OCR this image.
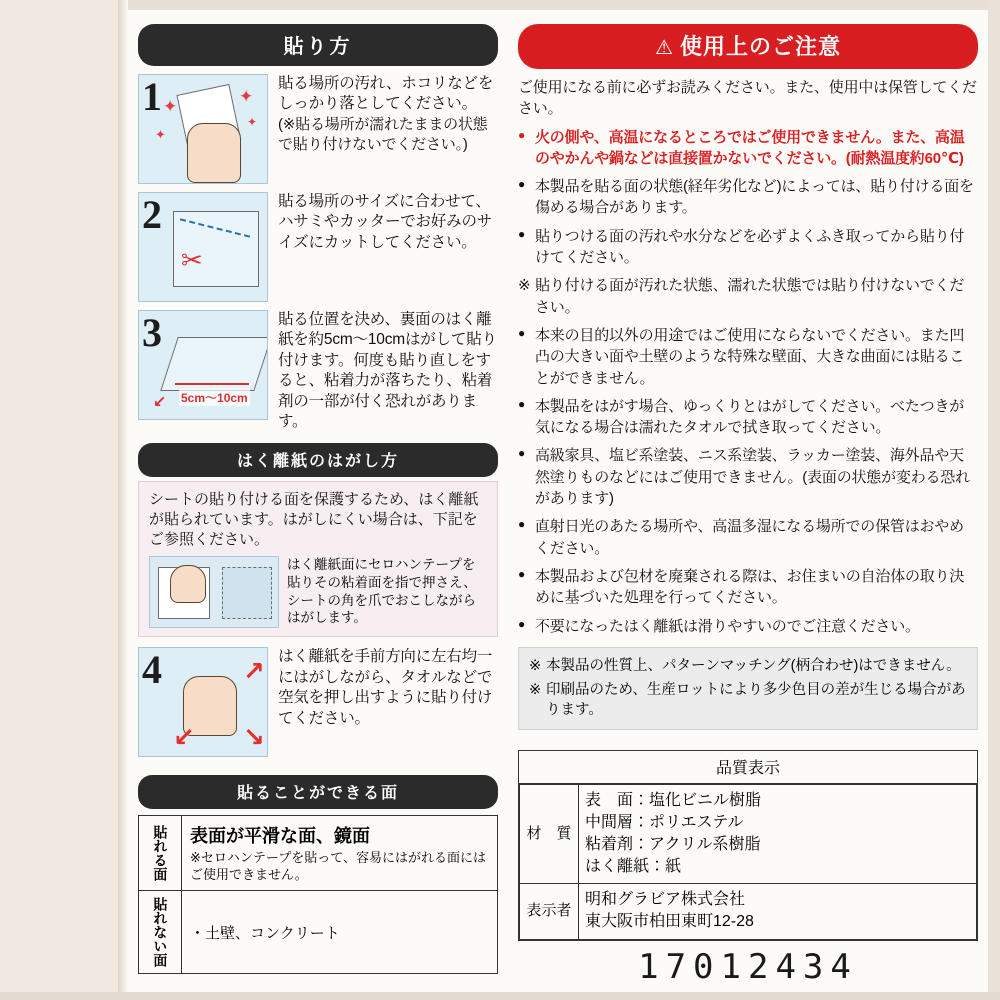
貼り方
1 ✦
✦
✦
✦
貼る場所の汚れ、ホコリなどをしっかり落としてください。 (※貼る場所が濡れたままの状態で貼り付けないでください。)
2
✂
貼る場所のサイズに合わせて、ハサミやカッターでお好みのサイズにカットしてください。
3
5cm～10cm
↙
貼る位置を決め、裏面のはく離紙を約5cm～10cmはがして貼り付けます。何度も貼り直しをすると、粘着力が落ちたり、粘着剤の一部が付く恐れがあります。
はく離紙のはがし方
シートの貼り付ける面を保護するため、はく離紙が貼られています。はがしにくい場合は、下記をご参照ください。
はく離紙面にセロハンテープを貼りその粘着面を指で押さえ、シートの角を爪でおこしながらはがします。
4	↗
↘
↙
はく離紙を手前方向に左右均一にはがしながら、タオルなどで空気を押し出すように貼り付けてください。
貼ることができる面
貼れる面	表面が平滑な面、鏡面
※セロハンテープを貼って、容易にはがれる面にはご使用できません。

貼れない面	・土壁、コンクリート
⚠ 使用上のご注意

ご使用になる前に必ずお読みください。また、使用中は保管してください。

● 火の側や、高温になるところではご使用できません。また、高温のやかんや鍋などは直接置かないでください。(耐熱温度約60℃)

● 本製品を貼る面の状態(経年劣化など)によっては、貼り付ける面を傷める場合があります。

● 貼りつける面の汚れや水分などを必ずよくふき取ってから貼り付けてください。

※ 貼り付ける面が汚れた状態、濡れた状態では貼り付けないでください。

● 本来の目的以外の用途ではご使用にならないでください。また凹凸の大きい面や土壁のような特殊な壁面、大きな曲面には貼ることができません。

● 本製品をはがす場合、ゆっくりとはがしてください。べたつきが気になる場合は濡れたタオルで拭き取ってください。

● 高級家具、塩ビ系塗装、ニス系塗装、ラッカー塗装、海外品や天然塗りものなどにはご使用できません。(表面の状態が変わる恐れがあります)

● 直射日光のあたる場所や、高温多湿になる場所での保管はおやめください。

● 本製品および包材を廃棄される際は、お住まいの自治体の取り決めに基づいた処理を行ってください。

● 不要になったはく離紙は滑りやすいのでご注意ください。

※ 本製品の性質上、パターンマッチング(柄合わせ)はできません。

※ 印刷品のため、生産ロットにより多少色目の差が生じる場合があります。

品質表示
材　質	表　面：塩化ビニル樹脂
中間層：ポリエステル
粘着剤：アクリル系樹脂
はく離紙：紙

表示者	明和グラビア株式会社
東大阪市柏田東町12-28
17012434
